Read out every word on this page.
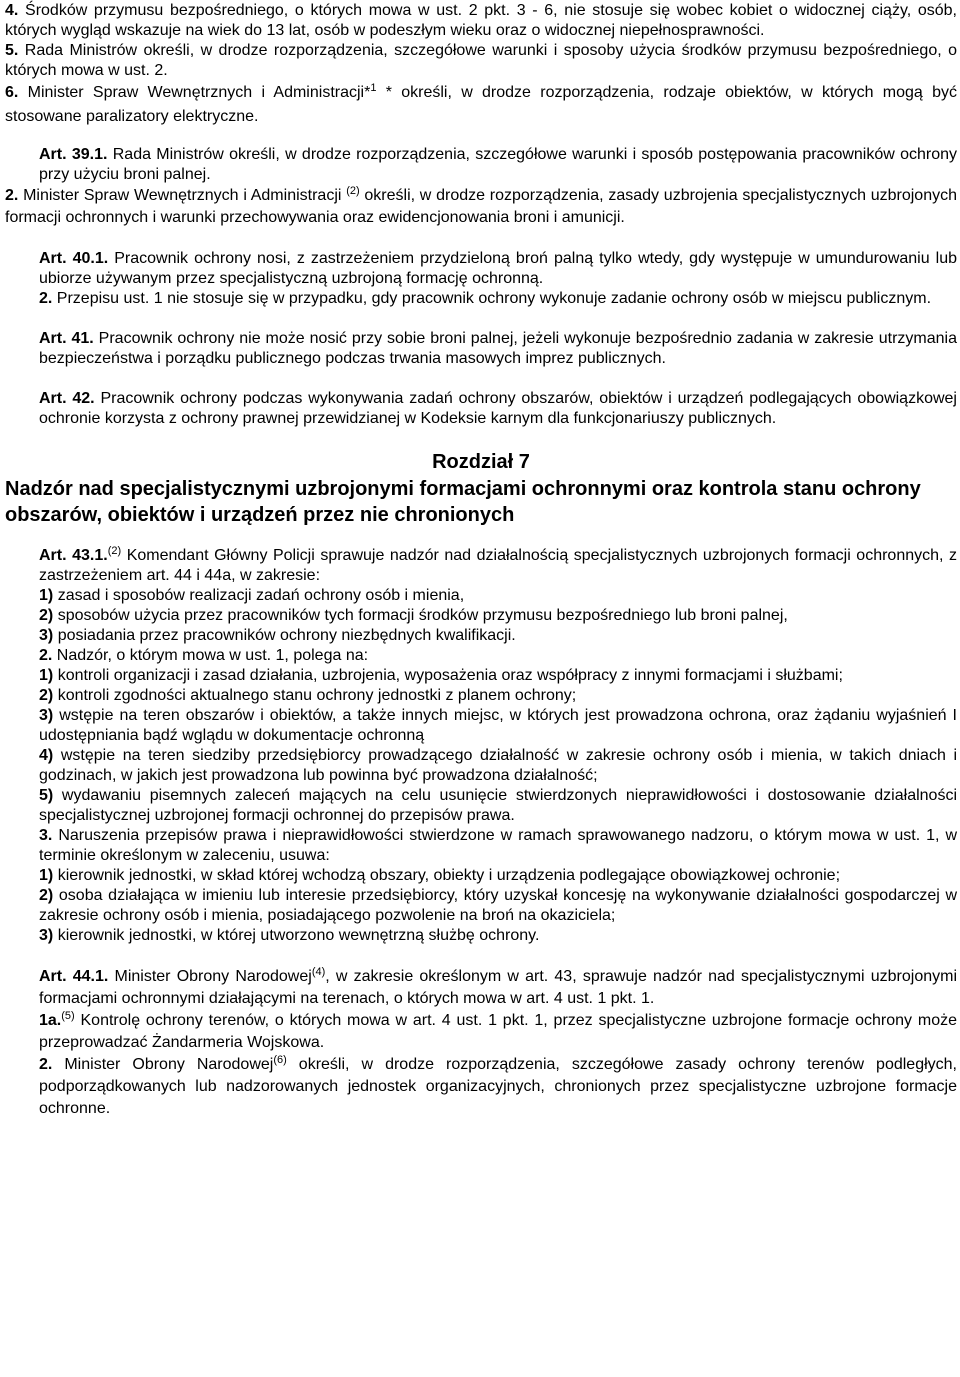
4. Środków przymusu bezpośredniego, o których mowa w ust. 2 pkt. 3 - 6, nie stosuje się wobec kobiet o widocznej ciąży, osób, których wygląd wskazuje na wiek do 13 lat, osób w podeszłym wieku oraz o widocznej niepełnosprawności.

5. Rada Ministrów określi, w drodze rozporządzenia, szczegółowe warunki i sposoby użycia środków przymusu bezpośredniego, o których mowa w ust. 2.

6. Minister Spraw Wewnętrznych i Administracji*$^1$ * określi, w drodze rozporządzenia, rodzaje obiektów, w których mogą być stosowane paralizatory elektryczne.

Art. 39.1. Rada Ministrów określi, w drodze rozporządzenia, szczegółowe warunki i sposób postępowania pracowników ochrony przy użyciu broni palnej.

2. Minister Spraw Wewnętrznych i Administracji $^{(2)}$ określi, w drodze rozporządzenia, zasady uzbrojenia specjalistycznych uzbrojonych formacji ochronnych i warunki przechowywania oraz ewidencjonowania broni i amunicji.

Art. 40.1. Pracownik ochrony nosi, z zastrzeżeniem przydzieloną broń palną tylko wtedy, gdy występuje w umundurowaniu lub ubiorze używanym przez specjalistyczną uzbrojoną formację ochronną.

2. Przepisu ust. 1 nie stosuje się w przypadku, gdy pracownik ochrony wykonuje zadanie ochrony osób w miejscu publicznym.

Art. 41. Pracownik ochrony nie może nosić przy sobie broni palnej, jeżeli wykonuje bezpośrednio zadania w zakresie utrzymania bezpieczeństwa i porządku publicznego podczas trwania masowych imprez publicznych.

Art. 42. Pracownik ochrony podczas wykonywania zadań ochrony obszarów, obiektów i urządzeń podlegających obowiązkowej ochronie korzysta z ochrony prawnej przewidzianej w Kodeksie karnym dla funkcjonariuszy publicznych.

Rozdział 7
Nadzór nad specjalistycznymi uzbrojonymi formacjami ochronnymi oraz kontrola stanu ochrony obszarów, obiektów i urządzeń przez nie chronionych

Art. 43.1.$^{(2)}$ Komendant Główny Policji sprawuje nadzór nad działalnością specjalistycznych uzbrojonych formacji ochronnych, z zastrzeżeniem art. 44 i 44a, w zakresie:

1) zasad i sposobów realizacji zadań ochrony osób i mienia,

2) sposobów użycia przez pracowników tych formacji środków przymusu bezpośredniego lub broni palnej,

3) posiadania przez pracowników ochrony niezbędnych kwalifikacji.

2. Nadzór, o którym mowa w ust. 1, polega na:

1) kontroli organizacji i zasad działania, uzbrojenia, wyposażenia oraz współpracy z innymi formacjami i służbami;

2) kontroli zgodności aktualnego stanu ochrony jednostki z planem ochrony;

3) wstępie na teren obszarów i obiektów, a także innych miejsc, w których jest prowadzona ochrona, oraz żądaniu wyjaśnień I udostępniania bądź wglądu w dokumentacje ochronną

4) wstępie na teren siedziby przedsiębiorcy prowadzącego działalność w zakresie ochrony osób i mienia, w takich dniach i godzinach, w jakich jest prowadzona lub powinna być prowadzona działalność;

5) wydawaniu pisemnych zaleceń mających na celu usunięcie stwierdzonych nieprawidłowości i dostosowanie działalności specjalistycznej uzbrojonej formacji ochronnej do przepisów prawa.

3. Naruszenia przepisów prawa i nieprawidłowości stwierdzone w ramach sprawowanego nadzoru, o którym mowa w ust. 1, w terminie określonym w zaleceniu, usuwa:

1) kierownik jednostki, w skład której wchodzą obszary, obiekty i urządzenia podlegające obowiązkowej ochronie;

2) osoba działająca w imieniu lub interesie przedsiębiorcy, który uzyskał koncesję na wykonywanie działalności gospodarczej w zakresie ochrony osób i mienia, posiadającego pozwolenie na broń na okaziciela;

3) kierownik jednostki, w której utworzono wewnętrzną służbę ochrony.

Art. 44.1. Minister Obrony Narodowej$^{(4)}$, w zakresie określonym w art. 43, sprawuje nadzór nad specjalistycznymi uzbrojonymi formacjami ochronnymi działającymi na terenach, o których mowa w art. 4 ust. 1 pkt. 1.

1a.$^{(5)}$ Kontrolę ochrony terenów, o których mowa w art. 4 ust. 1 pkt. 1, przez specjalistyczne uzbrojone formacje ochrony może przeprowadzać Żandarmeria Wojskowa.

2. Minister Obrony Narodowej$^{(6)}$ określi, w drodze rozporządzenia, szczegółowe zasady ochrony terenów podległych, podporządkowanych lub nadzorowanych jednostek organizacyjnych, chronionych przez specjalistyczne uzbrojone formacje ochronne.
